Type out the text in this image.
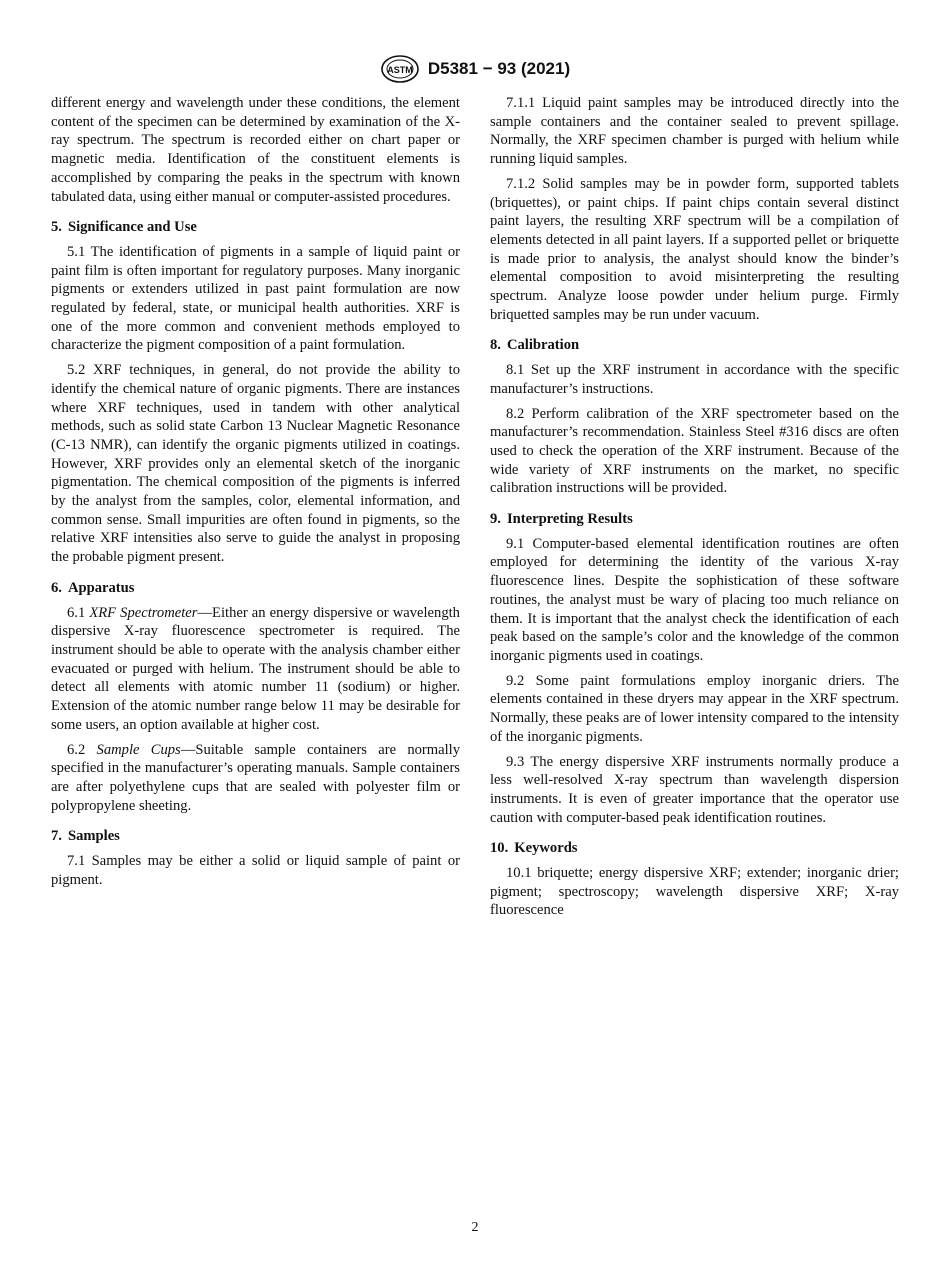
ASTM D5381 − 93 (2021)

different energy and wavelength under these conditions, the element content of the specimen can be determined by examination of the X-ray spectrum. The spectrum is recorded either on chart paper or magnetic media. Identification of the constituent elements is accomplished by comparing the peaks in the spectrum with known tabulated data, using either manual or computer-assisted procedures.

5. Significance and Use

5.1 The identification of pigments in a sample of liquid paint or paint film is often important for regulatory purposes. Many inorganic pigments or extenders utilized in past paint formulation are now regulated by federal, state, or municipal health authorities. XRF is one of the more common and convenient methods employed to characterize the pigment composition of a paint formulation.

5.2 XRF techniques, in general, do not provide the ability to identify the chemical nature of organic pigments. There are instances where XRF techniques, used in tandem with other analytical methods, such as solid state Carbon 13 Nuclear Magnetic Resonance (C-13 NMR), can identify the organic pigments utilized in coatings. However, XRF provides only an elemental sketch of the inorganic pigmentation. The chemical composition of the pigments is inferred by the analyst from the samples, color, elemental information, and common sense. Small impurities are often found in pigments, so the relative XRF intensities also serve to guide the analyst in proposing the probable pigment present.

6. Apparatus

6.1 XRF Spectrometer—Either an energy dispersive or wavelength dispersive X-ray fluorescence spectrometer is required. The instrument should be able to operate with the analysis chamber either evacuated or purged with helium. The instrument should be able to detect all elements with atomic number 11 (sodium) or higher. Extension of the atomic number range below 11 may be desirable for some users, an option available at higher cost.

6.2 Sample Cups—Suitable sample containers are normally specified in the manufacturer’s operating manuals. Sample containers are after polyethylene cups that are sealed with polyester film or polypropylene sheeting.

7. Samples

7.1 Samples may be either a solid or liquid sample of paint or pigment.

7.1.1 Liquid paint samples may be introduced directly into the sample containers and the container sealed to prevent spillage. Normally, the XRF specimen chamber is purged with helium while running liquid samples.

7.1.2 Solid samples may be in powder form, supported tablets (briquettes), or paint chips. If paint chips contain several distinct paint layers, the resulting XRF spectrum will be a compilation of elements detected in all paint layers. If a supported pellet or briquette is made prior to analysis, the analyst should know the binder’s elemental composition to avoid misinterpreting the resulting spectrum. Analyze loose powder under helium purge. Firmly briquetted samples may be run under vacuum.

8. Calibration

8.1 Set up the XRF instrument in accordance with the specific manufacturer’s instructions.

8.2 Perform calibration of the XRF spectrometer based on the manufacturer’s recommendation. Stainless Steel #316 discs are often used to check the operation of the XRF instrument. Because of the wide variety of XRF instruments on the market, no specific calibration instructions will be provided.

9. Interpreting Results

9.1 Computer-based elemental identification routines are often employed for determining the identity of the various X-ray fluorescence lines. Despite the sophistication of these software routines, the analyst must be wary of placing too much reliance on them. It is important that the analyst check the identification of each peak based on the sample’s color and the knowledge of the common inorganic pigments used in coatings.

9.2 Some paint formulations employ inorganic driers. The elements contained in these dryers may appear in the XRF spectrum. Normally, these peaks are of lower intensity compared to the intensity of the inorganic pigments.

9.3 The energy dispersive XRF instruments normally produce a less well-resolved X-ray spectrum than wavelength dispersion instruments. It is even of greater importance that the operator use caution with computer-based peak identification routines.

10. Keywords

10.1 briquette; energy dispersive XRF; extender; inorganic drier; pigment; spectroscopy; wavelength dispersive XRF; X-ray fluorescence

2
